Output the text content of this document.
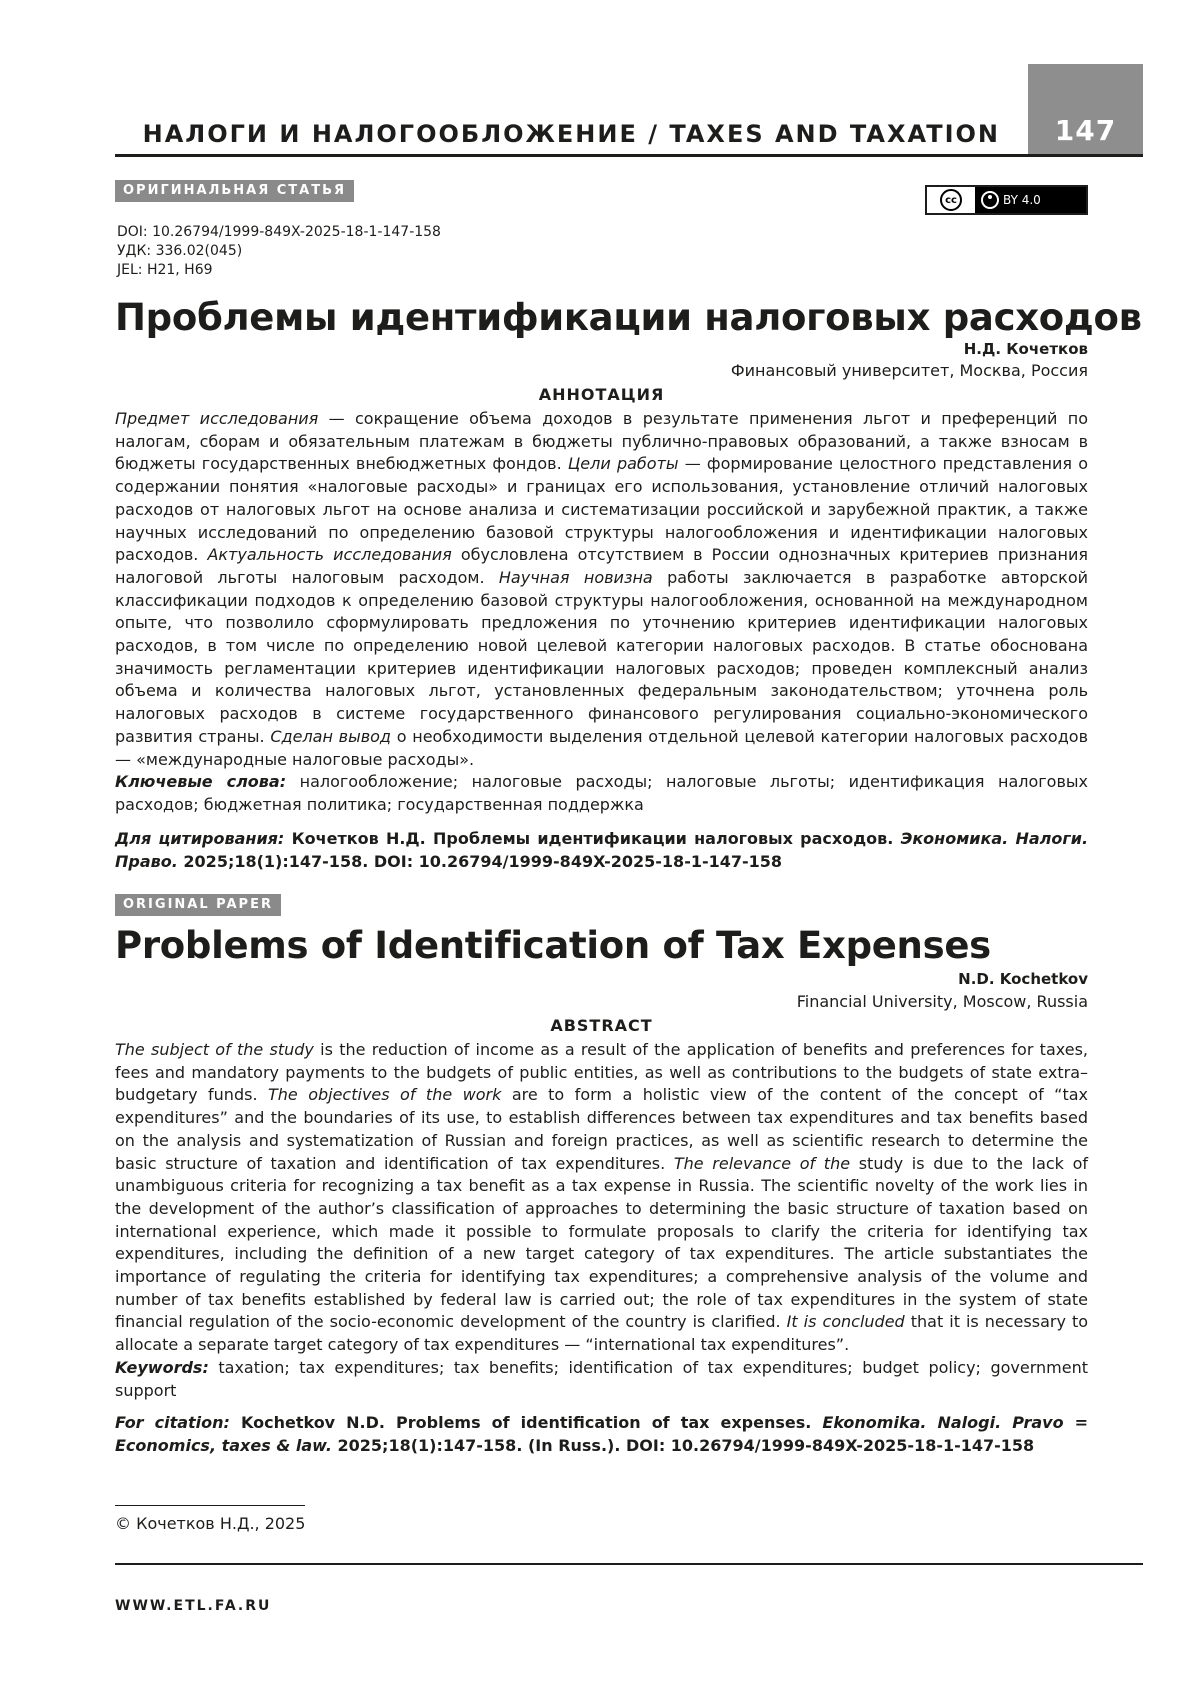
НАЛОГИ И НАЛОГООБЛОЖЕНИЕ / TAXES AND TAXATION	147
ОРИГИНАЛЬНАЯ СТАТЬЯ
cc	BY 4.0
DOI: 10.26794/1999-849X-2025-18-1-147-158
УДК: 336.02(045)
JEL: H21, H69
Проблемы идентификации налоговых расходов
Н.Д. Кочетков
Финансовый университет, Москва, Россия
АННОТАЦИЯ
Предмет исследования — сокращение объема доходов в результате применения льгот и преференций по налогам, сборам и обязательным платежам в бюджеты публично-правовых образований, а также взносам в бюджеты государственных внебюджетных фондов. Цели работы — формирование целостного представления о содержании понятия «налоговые расходы» и границах его использования, установление отличий налоговых расходов от налоговых льгот на основе анализа и систематизации российской и зарубежной практик, а также научных исследований по определению базовой структуры налогообложения и идентификации налоговых расходов. Актуальность исследования обусловлена отсутствием в России однозначных критериев признания налоговой льготы налоговым расходом. Научная новизна работы заключается в разработке авторской классификации подходов к определению базовой структуры налогообложения, основанной на международном опыте, что позволило сформулировать предложения по уточнению критериев идентификации налоговых расходов, в том числе по определению новой целевой категории налоговых расходов. В статье обоснована значимость регламентации критериев идентификации налоговых расходов; проведен комплексный анализ объема и количества налоговых льгот, установленных федеральным законодательством; уточнена роль налоговых расходов в системе государственного финансового регулирования социально-экономического развития страны. Сделан вывод о необходимости выделения отдельной целевой категории налоговых расходов — «международные налоговые расходы».
Ключевые слова: налогообложение; налоговые расходы; налоговые льготы; идентификация налоговых расходов; бюджетная политика; государственная поддержка
Для цитирования: Кочетков Н.Д. Проблемы идентификации налоговых расходов. Экономика. Налоги. Право. 2025;18(1):147-158. DOI: 10.26794/1999-849X-2025-18-1-147-158
ORIGINAL PAPER
Problems of Identification of Tax Expenses
N.D. Kochetkov
Financial University, Moscow, Russia
ABSTRACT
The subject of the study is the reduction of income as a result of the application of benefits and preferences for taxes, fees and mandatory payments to the budgets of public entities, as well as contributions to the budgets of state extra–budgetary funds. The objectives of the work are to form a holistic view of the content of the concept of “tax expenditures” and the boundaries of its use, to establish differences between tax expenditures and tax benefits based on the analysis and systematization of Russian and foreign practices, as well as scientific research to determine the basic structure of taxation and identification of tax expenditures. The relevance of the study is due to the lack of unambiguous criteria for recognizing a tax benefit as a tax expense in Russia. The scientific novelty of the work lies in the development of the author’s classification of approaches to determining the basic structure of taxation based on international experience, which made it possible to formulate proposals to clarify the criteria for identifying tax expenditures, including the definition of a new target category of tax expenditures. The article substantiates the importance of regulating the criteria for identifying tax expenditures; a comprehensive analysis of the volume and number of tax benefits established by federal law is carried out; the role of tax expenditures in the system of state financial regulation of the socio-economic development of the country is clarified. It is concluded that it is necessary to allocate a separate target category of tax expenditures — “international tax expenditures”.
Keywords: taxation; tax expenditures; tax benefits; identification of tax expenditures; budget policy; government support
For citation: Kochetkov N.D. Problems of identification of tax expenses. Ekonomika. Nalogi. Pravo = Economics, taxes & law. 2025;18(1):147-158. (In Russ.). DOI: 10.26794/1999-849X-2025-18-1-147-158
© Кочетков Н.Д., 2025
WWW.ETL.FA.RU
